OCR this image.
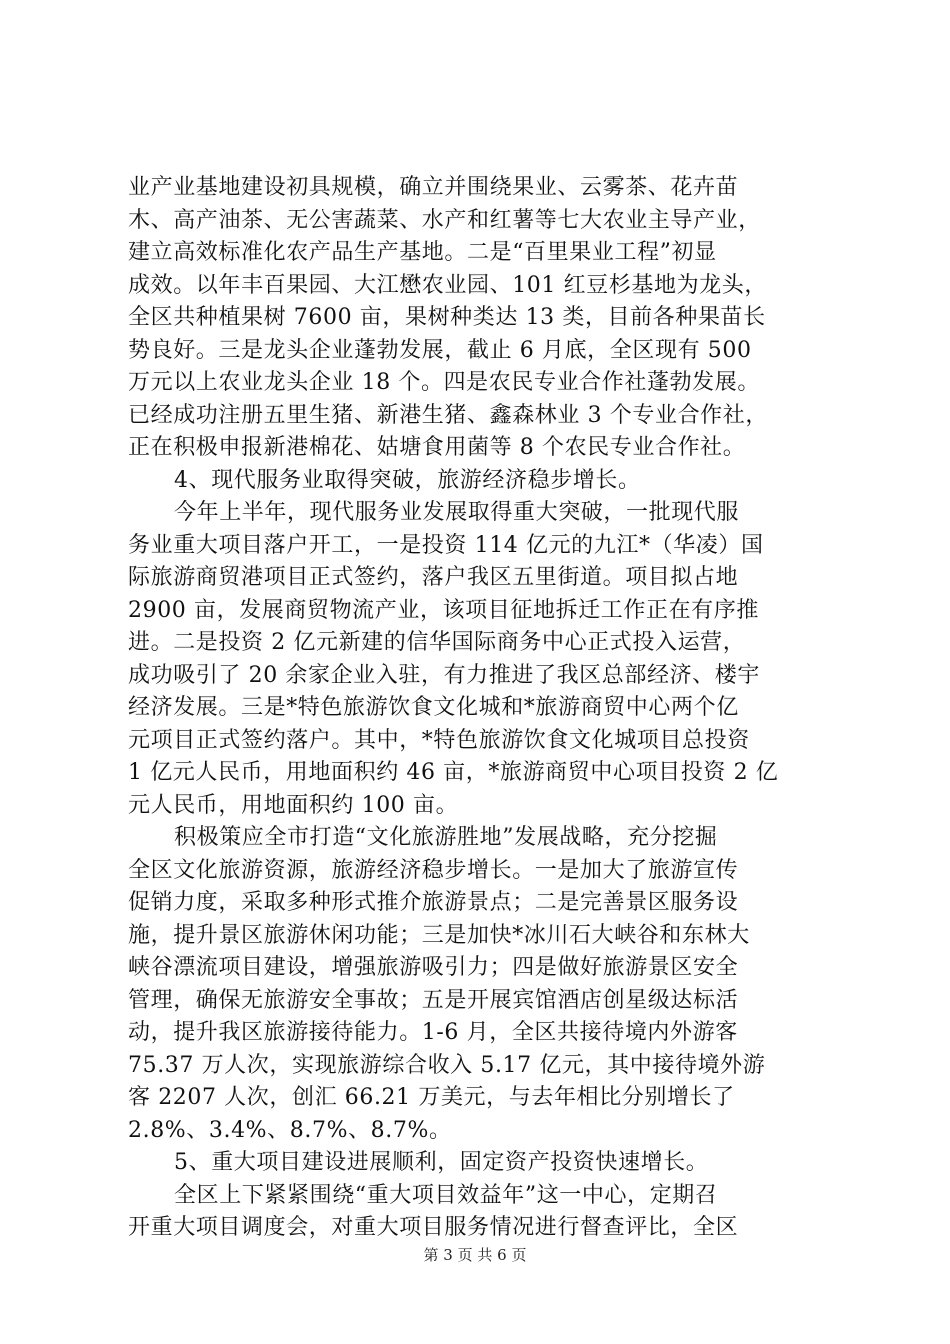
业产业基地建设初具规模，确立并围绕果业、云雾茶、花卉苗
木、高产油茶、无公害蔬菜、水产和红薯等七大农业主导产业，
建立高效标准化农产品生产基地。二是“百里果业工程”初显
成效。以年丰百果园、大江懋农业园、101 红豆杉基地为龙头，
全区共种植果树 7600 亩，果树种类达 13 类，目前各种果苗长
势良好。三是龙头企业蓬勃发展，截止 6 月底，全区现有 500
万元以上农业龙头企业 18 个。四是农民专业合作社蓬勃发展。
已经成功注册五里生猪、新港生猪、鑫森林业 3 个专业合作社，
正在积极申报新港棉花、姑塘食用菌等 8 个农民专业合作社。
4、现代服务业取得突破，旅游经济稳步增长。
今年上半年，现代服务业发展取得重大突破，一批现代服
务业重大项目落户开工，一是投资 114 亿元的九江*（华凌）国
际旅游商贸港项目正式签约，落户我区五里街道。项目拟占地
2900 亩，发展商贸物流产业，该项目征地拆迁工作正在有序推
进。二是投资 2 亿元新建的信华国际商务中心正式投入运营，
成功吸引了 20 余家企业入驻，有力推进了我区总部经济、楼宇
经济发展。三是*特色旅游饮食文化城和*旅游商贸中心两个亿
元项目正式签约落户。其中，*特色旅游饮食文化城项目总投资
1 亿元人民币，用地面积约 46 亩，*旅游商贸中心项目投资 2 亿
元人民币，用地面积约 100 亩。
积极策应全市打造“文化旅游胜地”发展战略，充分挖掘
全区文化旅游资源，旅游经济稳步增长。一是加大了旅游宣传
促销力度，采取多种形式推介旅游景点；二是完善景区服务设
施，提升景区旅游休闲功能；三是加快*冰川石大峡谷和东林大
峡谷漂流项目建设，增强旅游吸引力；四是做好旅游景区安全
管理，确保无旅游安全事故；五是开展宾馆酒店创星级达标活
动，提升我区旅游接待能力。1-6 月，全区共接待境内外游客
75.37 万人次，实现旅游综合收入 5.17 亿元，其中接待境外游
客 2207 人次，创汇 66.21 万美元，与去年相比分别增长了
2.8%、3.4%、8.7%、8.7%。
5、重大项目建设进展顺利，固定资产投资快速增长。
全区上下紧紧围绕“重大项目效益年”这一中心，定期召
开重大项目调度会，对重大项目服务情况进行督查评比，全区
第 3 页 共 6 页
